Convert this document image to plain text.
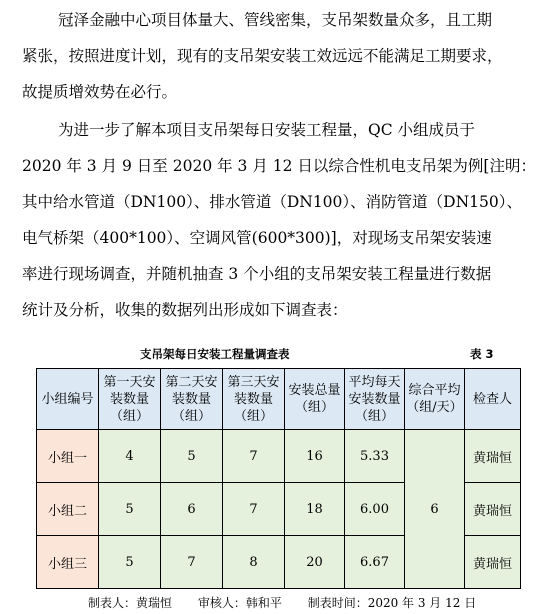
冠泽金融中心项目体量大、管线密集，支吊架数量众多，且工期
紧张，按照进度计划，现有的支吊架安装工效远远不能满足工期要求，
故提质增效势在必行。
为进一步了解本项目支吊架每日安装工程量，QC 小组成员于
2020 年 3 月 9 日至 2020 年 3 月 12 日以综合性机电支吊架为例[注明：
其中给水管道（DN100）、排水管道（DN100）、消防管道（DN150）、
电气桥架（400*100）、空调风管(600*300)]，对现场支吊架安装速
率进行现场调查，并随机抽查 3 个小组的支吊架安装工程量进行数据
统计及分析，收集的数据列出形成如下调查表：
支吊架每日安装工程量调查表	表 3
小组编号	第一天安
装数量
（组）	第二天安
装数量
（组）	第三天安
装数量
（组）	安装总量
（组）	平均每天
安装数量
（组）	综合平均
（组/天）	检查人
小组一	4	5	7	16	5.33	6	黄瑞恒
小组二	5	6	7	18	6.00		黄瑞恒
小组三	5	7	8	20	6.67		黄瑞恒
制表人：黄瑞恒 审核人：韩和平 制表时间：2020 年 3 月 12 日
